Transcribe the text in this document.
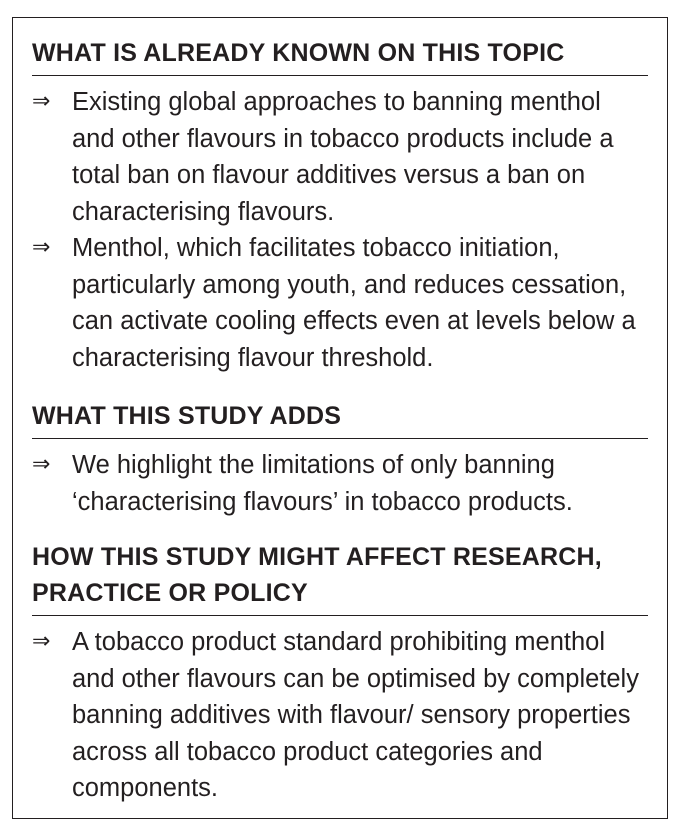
WHAT IS ALREADY KNOWN ON THIS TOPIC
⇒ Existing global approaches to banning menthol and other flavours in tobacco products include a total ban on flavour additives versus a ban on characterising flavours.
⇒ Menthol, which facilitates tobacco initiation, particularly among youth, and reduces cessation, can activate cooling effects even at levels below a characterising flavour threshold.
WHAT THIS STUDY ADDS
⇒ We highlight the limitations of only banning ‘characterising flavours’ in tobacco products.
HOW THIS STUDY MIGHT AFFECT RESEARCH,
PRACTICE OR POLICY
⇒ A tobacco product standard prohibiting menthol and other flavours can be optimised by completely banning additives with flavour/ sensory properties across all tobacco product categories and components.
